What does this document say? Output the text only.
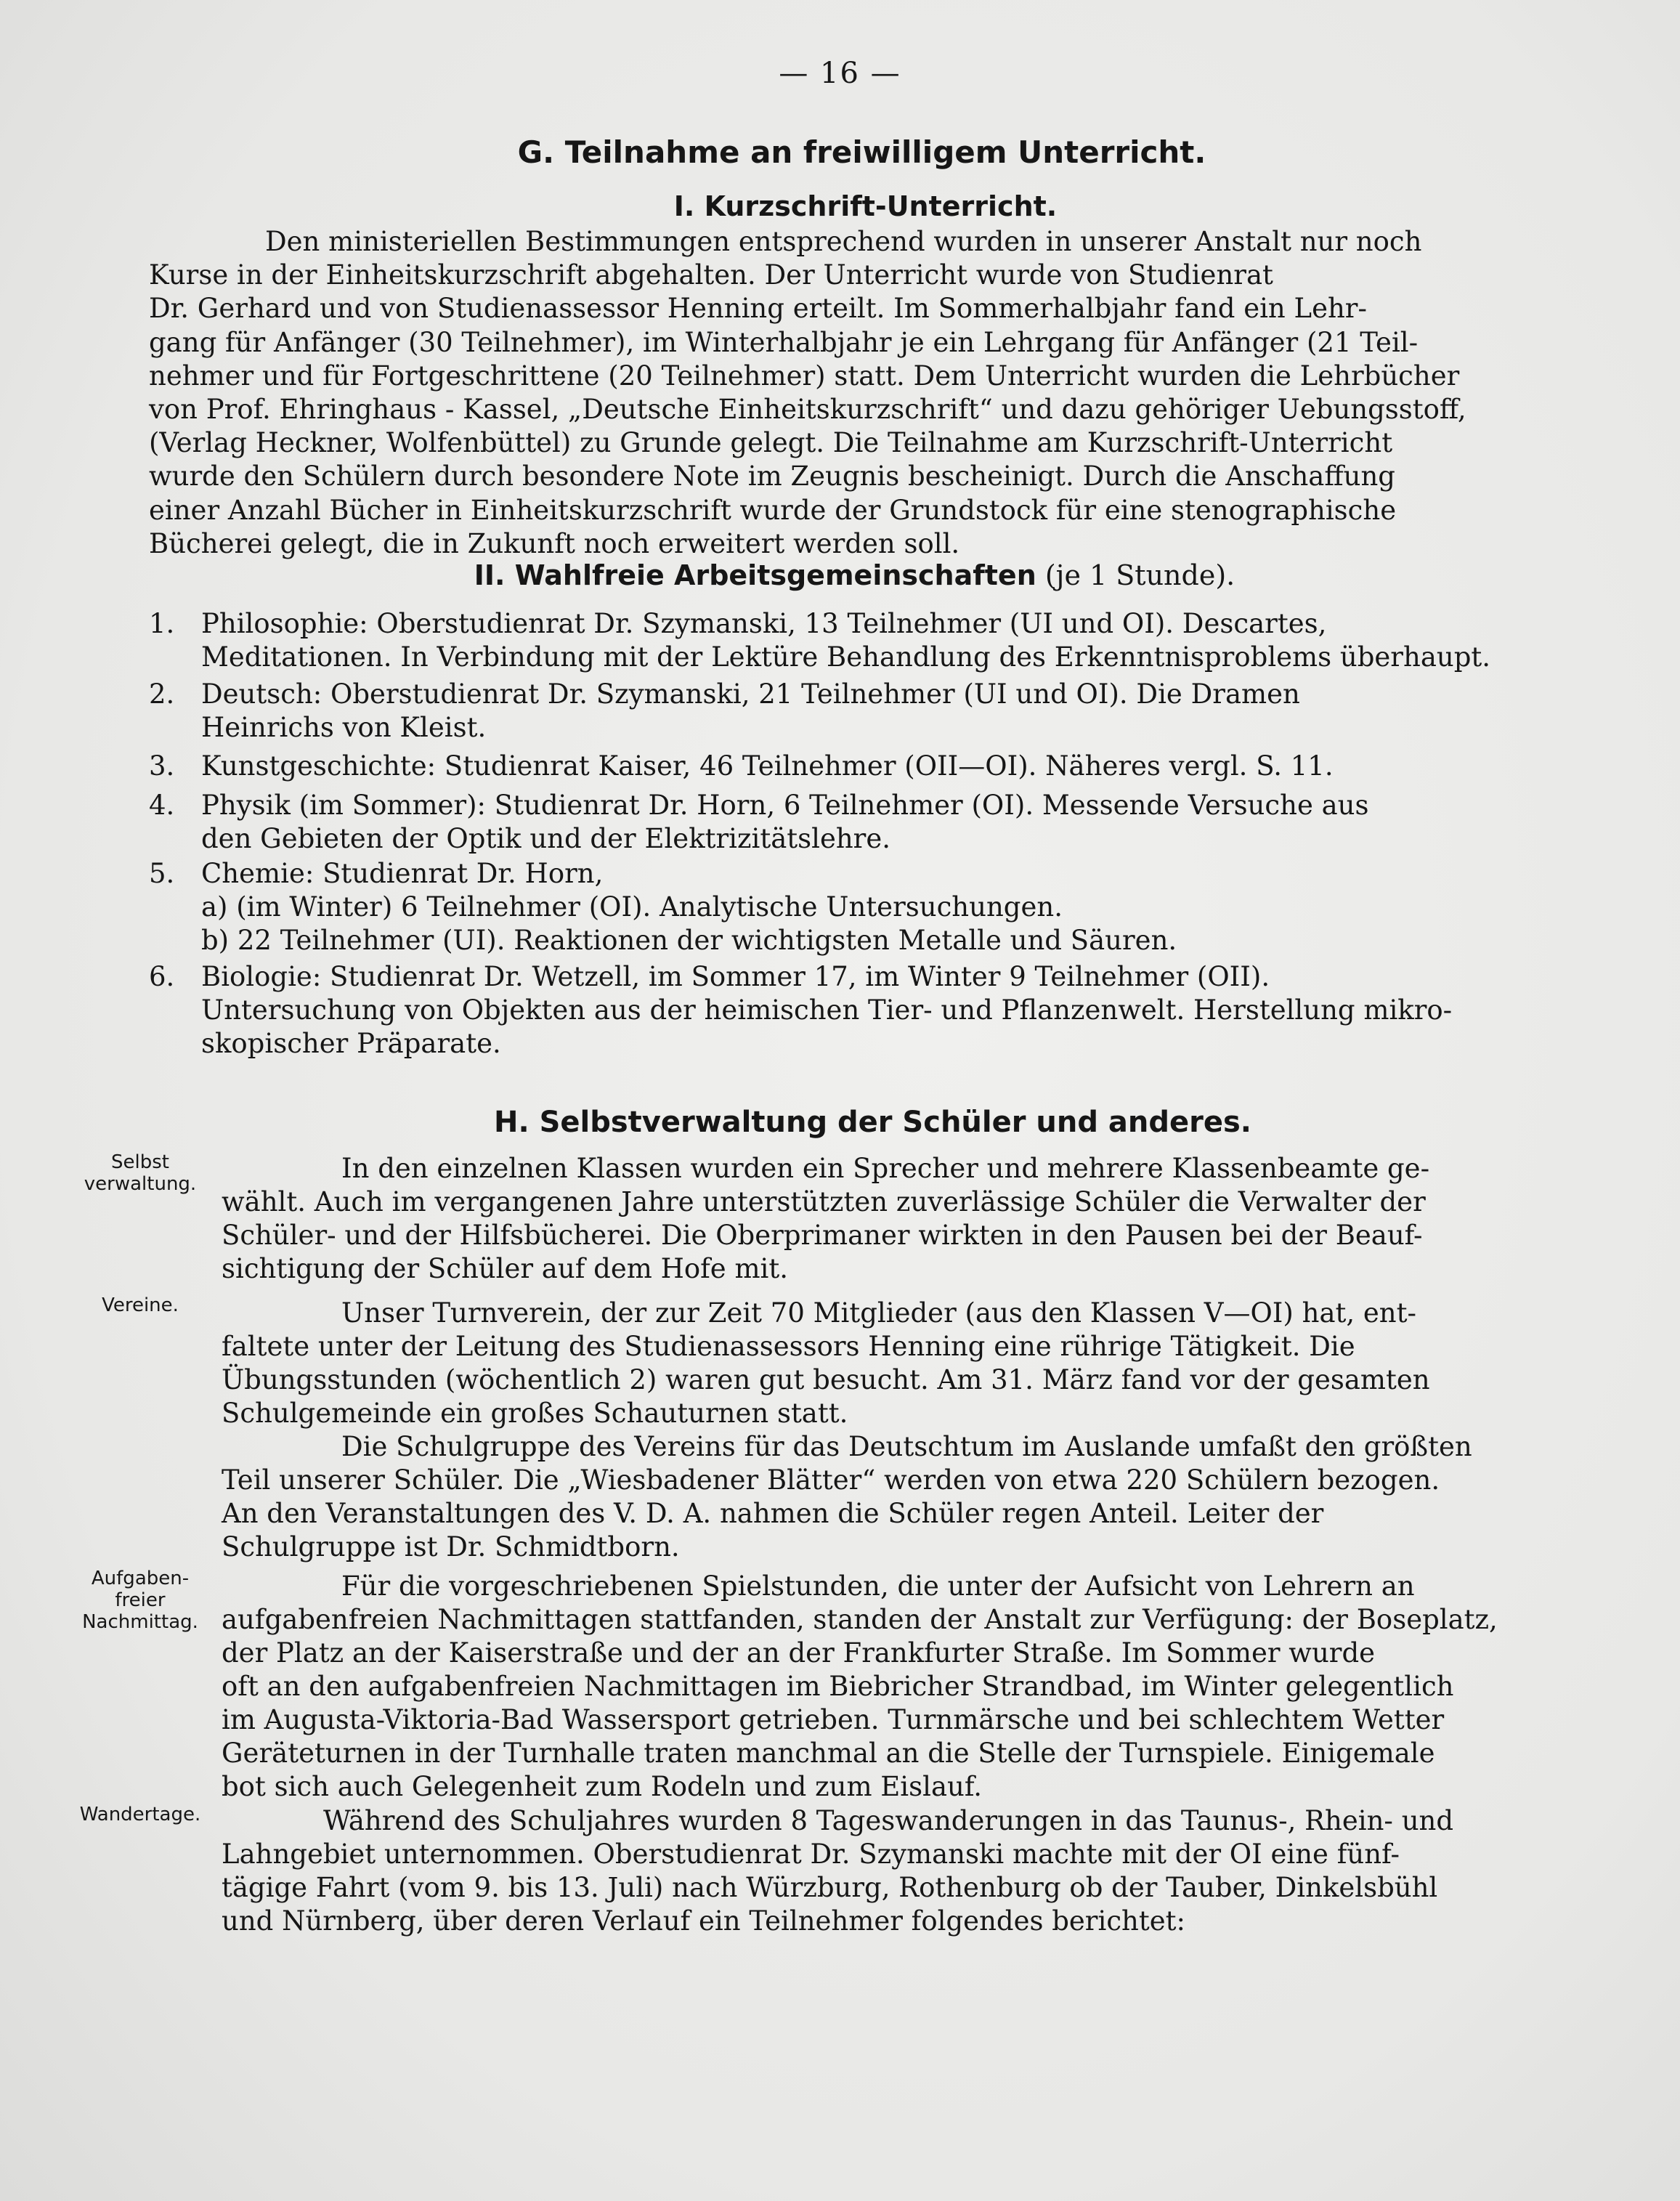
— 16 —
G. Teilnahme an freiwilligem Unterricht.
I. Kurzschrift-Unterricht.
Den ministeriellen Bestimmungen entsprechend wurden in unserer Anstalt nur noch
Kurse in der Einheitskurzschrift abgehalten. Der Unterricht wurde von Studienrat
Dr. Gerhard und von Studienassessor Henning erteilt. Im Sommerhalbjahr fand ein Lehr-
gang für Anfänger (30 Teilnehmer), im Winterhalbjahr je ein Lehrgang für Anfänger (21 Teil-
nehmer und für Fortgeschrittene (20 Teilnehmer) statt. Dem Unterricht wurden die Lehrbücher
von Prof. Ehringhaus - Kassel, „Deutsche Einheitskurzschrift“ und dazu gehöriger Uebungsstoff,
(Verlag Heckner, Wolfenbüttel) zu Grunde gelegt. Die Teilnahme am Kurzschrift-Unterricht
wurde den Schülern durch besondere Note im Zeugnis bescheinigt. Durch die Anschaffung
einer Anzahl Bücher in Einheitskurzschrift wurde der Grundstock für eine stenographische
Bücherei gelegt, die in Zukunft noch erweitert werden soll.
II. Wahlfreie Arbeitsgemeinschaften (je 1 Stunde).
1. Philosophie: Oberstudienrat Dr. Szymanski, 13 Teilnehmer (UI und OI). Descartes,
Meditationen. In Verbindung mit der Lektüre Behandlung des Erkenntnisproblems überhaupt.
2. Deutsch: Oberstudienrat Dr. Szymanski, 21 Teilnehmer (UI und OI). Die Dramen
Heinrichs von Kleist.
3. Kunstgeschichte: Studienrat Kaiser, 46 Teilnehmer (OII—OI). Näheres vergl. S. 11.
4. Physik (im Sommer): Studienrat Dr. Horn, 6 Teilnehmer (OI). Messende Versuche aus
den Gebieten der Optik und der Elektrizitätslehre.
5. Chemie: Studienrat Dr. Horn,
a) (im Winter) 6 Teilnehmer (OI). Analytische Untersuchungen.
b) 22 Teilnehmer (UI). Reaktionen der wichtigsten Metalle und Säuren.
6. Biologie: Studienrat Dr. Wetzell, im Sommer 17, im Winter 9 Teilnehmer (OII).
Untersuchung von Objekten aus der heimischen Tier- und Pflanzenwelt. Herstellung mikro-
skopischer Präparate.
H. Selbstverwaltung der Schüler und anderes.
Selbst verwaltung.	In den einzelnen Klassen wurden ein Sprecher und mehrere Klassenbeamte ge-
wählt. Auch im vergangenen Jahre unterstützten zuverlässige Schüler die Verwalter der
Schüler- und der Hilfsbücherei. Die Oberprimaner wirkten in den Pausen bei der Beauf-
sichtigung der Schüler auf dem Hofe mit.
Vereine.	Unser Turnverein, der zur Zeit 70 Mitglieder (aus den Klassen V—OI) hat, ent-
faltete unter der Leitung des Studienassessors Henning eine rührige Tätigkeit. Die
Übungsstunden (wöchentlich 2) waren gut besucht. Am 31. März fand vor der gesamten
Schulgemeinde ein großes Schauturnen statt.
Die Schulgruppe des Vereins für das Deutschtum im Auslande umfaßt den größten
Teil unserer Schüler. Die „Wiesbadener Blätter“ werden von etwa 220 Schülern bezogen.
An den Veranstaltungen des V. D. A. nahmen die Schüler regen Anteil. Leiter der
Schulgruppe ist Dr. Schmidtborn.
Aufgaben- freier Nachmittag.
Für die vorgeschriebenen Spielstunden, die unter der Aufsicht von Lehrern an
aufgabenfreien Nachmittagen stattfanden, standen der Anstalt zur Verfügung: der Boseplatz,
der Platz an der Kaiserstraße und der an der Frankfurter Straße. Im Sommer wurde
oft an den aufgabenfreien Nachmittagen im Biebricher Strandbad, im Winter gelegentlich
im Augusta-Viktoria-Bad Wassersport getrieben. Turnmärsche und bei schlechtem Wetter
Geräteturnen in der Turnhalle traten manchmal an die Stelle der Turnspiele. Einigemale
bot sich auch Gelegenheit zum Rodeln und zum Eislauf.
Wandertage.	Während des Schuljahres wurden 8 Tageswanderungen in das Taunus-, Rhein- und
Lahngebiet unternommen. Oberstudienrat Dr. Szymanski machte mit der OI eine fünf-
tägige Fahrt (vom 9. bis 13. Juli) nach Würzburg, Rothenburg ob der Tauber, Dinkelsbühl
und Nürnberg, über deren Verlauf ein Teilnehmer folgendes berichtet:
